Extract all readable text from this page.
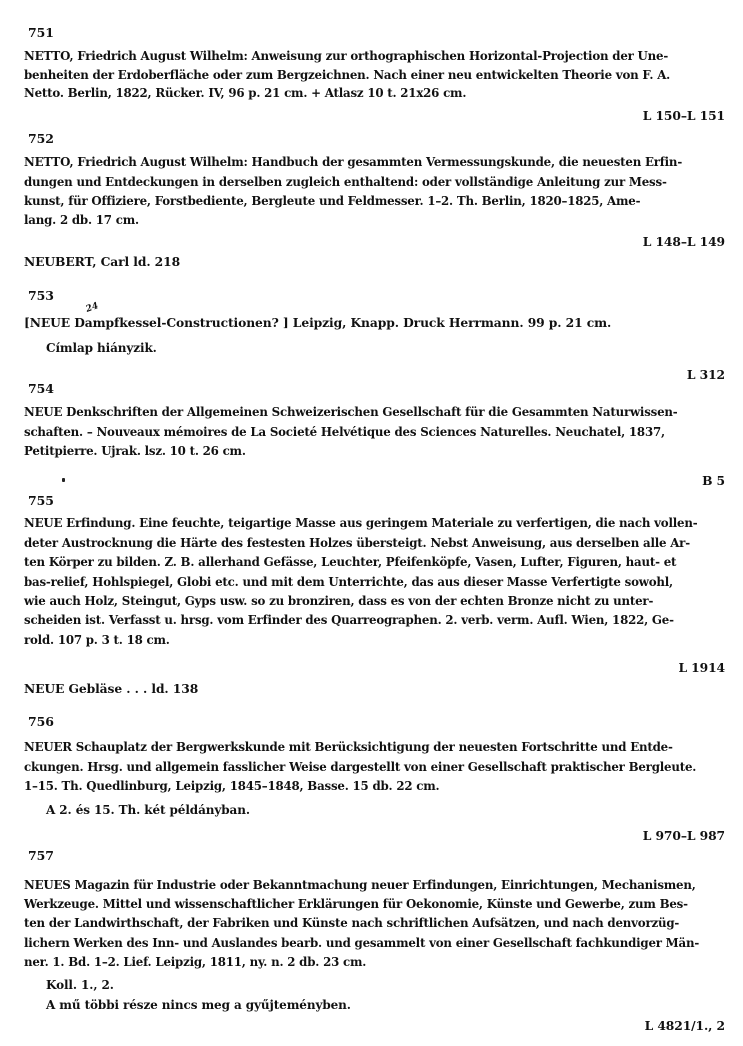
751
NETTO, Friedrich August Wilhelm: Anweisung zur orthographischen Horizontal-Projection der Une-
benheiten der Erdoberfläche oder zum Bergzeichnen. Nach einer neu entwickelten Theorie von F. A.
Netto. Berlin, 1822, Rücker. IV, 96 p. 21 cm. + Atlasz 10 t. 21x26 cm.
L 150–L 151
752
NETTO, Friedrich August Wilhelm: Handbuch der gesammten Vermessungskunde, die neuesten Erfin-
dungen und Entdeckungen in derselben zugleich enthaltend: oder vollständige Anleitung zur Mess-
kunst, für Offiziere, Forstbediente, Bergleute und Feldmesser. 1–2. Th. Berlin, 1820–1825, Ame-
lang. 2 db. 17 cm.
L 148–L 149
NEUBERT, Carl ld. 218
753
24
[NEUE Dampfkessel-Constructionen? ] Leipzig, Knapp. Druck Herrmann. 99 p. 21 cm.
Címlap hiányzik.
L 312
754
NEUE Denkschriften der Allgemeinen Schweizerischen Gesellschaft für die Gesammten Naturwissen-
schaften. – Nouveaux mémoires de La Societé Helvétique des Sciences Naturelles. Neuchatel, 1837,
Petitpierre. Ujrak. lsz. 10 t. 26 cm.
B 5
755
NEUE Erfindung. Eine feuchte, teigartige Masse aus geringem Materiale zu verfertigen, die nach vollen-
deter Austrocknung die Härte des festesten Holzes übersteigt. Nebst Anweisung, aus derselben alle Ar-
ten Körper zu bilden. Z. B. allerhand Gefässe, Leuchter, Pfeifenköpfe, Vasen, Lufter, Figuren, haut- et
bas-relief, Hohlspiegel, Globi etc. und mit dem Unterrichte, das aus dieser Masse Verfertigte sowohl,
wie auch Holz, Steingut, Gyps usw. so zu bronziren, dass es von der echten Bronze nicht zu unter-
scheiden ist. Verfasst u. hrsg. vom Erfinder des Quarreographen. 2. verb. verm. Aufl. Wien, 1822, Ge-
rold. 107 p. 3 t. 18 cm.
L 1914
NEUE Gebläse . . . ld. 138
756
NEUER Schauplatz der Bergwerkskunde mit Berücksichtigung der neuesten Fortschritte und Entde-
ckungen. Hrsg. und allgemein fasslicher Weise dargestellt von einer Gesellschaft praktischer Bergleute.
1–15. Th. Quedlinburg, Leipzig, 1845–1848, Basse. 15 db. 22 cm.
A 2. és 15. Th. két példányban.
L 970–L 987
757
NEUES Magazin für Industrie oder Bekanntmachung neuer Erfindungen, Einrichtungen, Mechanismen,
Werkzeuge. Mittel und wissenschaftlicher Erklärungen für Oekonomie, Künste und Gewerbe, zum Bes-
ten der Landwirthschaft, der Fabriken und Künste nach schriftlichen Aufsätzen, und nach denvorzüg-
lichern Werken des Inn- und Auslandes bearb. und gesammelt von einer Gesellschaft fachkundiger Män-
ner. 1. Bd. 1–2. Lief. Leipzig, 1811, ny. n. 2 db. 23 cm.
Koll. 1., 2.
A mű többi része nincs meg a gyűjteményben.
L 4821/1., 2
